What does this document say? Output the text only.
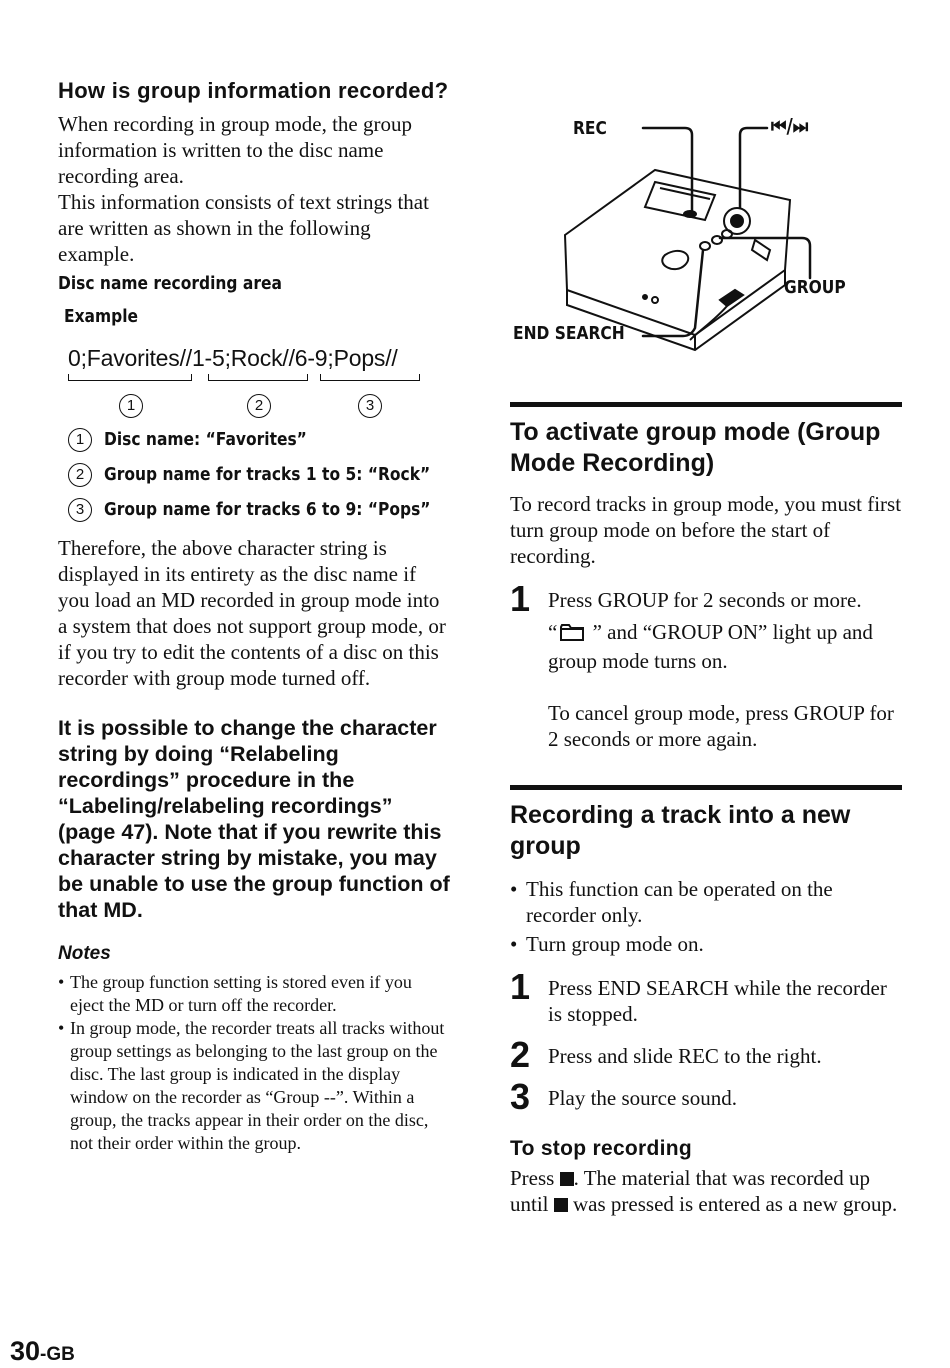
How is group information recorded?

When recording in group mode, the group information is written to the disc name recording area.

This information consists of text strings that are written as shown in the following example.

Disc name recording area
Example
0;Favorites//1-5;Rock//6-9;Pops//
1	2	3
1	Disc name: “Favorites”
2	Group name for tracks 1 to 5: “Rock”
3	Group name for tracks 6 to 9: “Pops”

Therefore, the above character string is displayed in its entirety as the disc name if you load an MD recorded in group mode into a system that does not support group mode, or if you try to edit the contents of a disc on this recorder with group mode turned off.

It is possible to change the character string by doing “Relabeling recordings” procedure in the “Labeling/relabeling recordings” (page 47). Note that if you rewrite this character string by mistake, you may be unable to use the group function of that MD.

Notes
• The group function setting is stored even if you eject the MD or turn off the recorder.
• In group mode, the recorder treats all tracks without group settings as belonging to the last group on the disc. The last group is indicated in the display window on the recorder as “Group --”. Within a group, the tracks appear in their order on the disc, not their order within the group.
REC	⏮/⏭
GROUP
END SEARCH
To activate group mode (Group Mode Recording)

To record tracks in group mode, you must first turn group mode on before the start of recording.

1 Press GROUP for 2 seconds or more.

“ ” and “GROUP ON” light up and group mode turns on.

To cancel group mode, press GROUP for 2 seconds or more again.

Recording a track into a new group
• This function can be operated on the recorder only.
• Turn group mode on.
1 Press END SEARCH while the recorder is stopped.

2 Press and slide REC to the right.

3 Play the source sound.

To stop recording

Press . The material that was recorded up until  was pressed is entered as a new group.

30-GB
